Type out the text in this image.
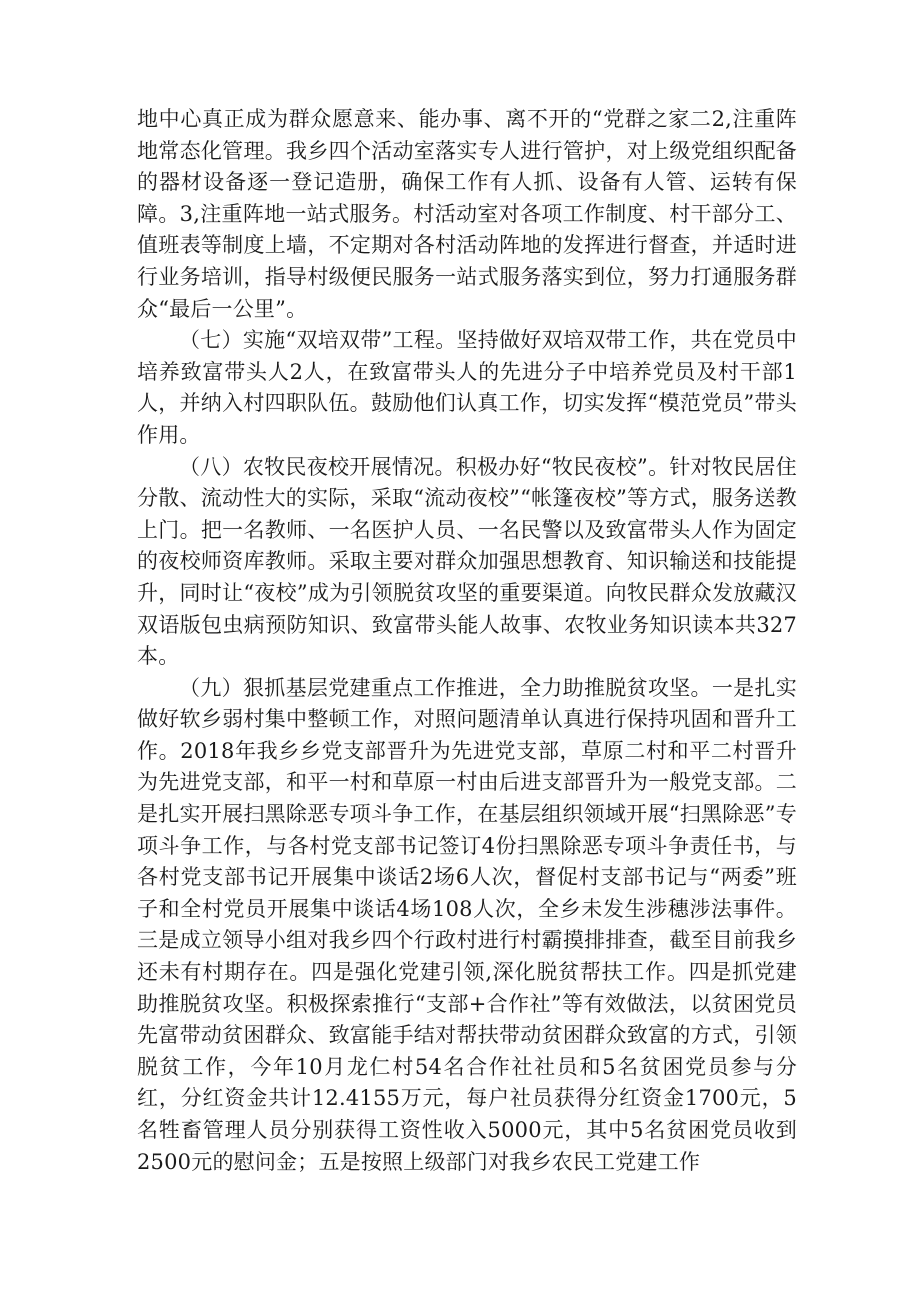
地中心真正成为群众愿意来、能办事、离不开的“党群之家二2,注重阵地常态化管理。我乡四个活动室落实专人进行管护，对上级党组织配备的器材设备逐一登记造册，确保工作有人抓、设备有人管、运转有保障。3,注重阵地一站式服务。村活动室对各项工作制度、村干部分工、值班表等制度上墙，不定期对各村活动阵地的发挥进行督查，并适时进行业务培训，指导村级便民服务一站式服务落实到位，努力打通服务群众“最后一公里”。

（七）实施“双培双带”工程。坚持做好双培双带工作，共在党员中培养致富带头人2人，在致富带头人的先进分子中培养党员及村干部1人，并纳入村四职队伍。鼓励他们认真工作，切实发挥“模范党员”带头作用。

（八）农牧民夜校开展情况。积极办好“牧民夜校”。针对牧民居住分散、流动性大的实际，采取“流动夜校”“帐篷夜校”等方式，服务送教上门。把一名教师、一名医护人员、一名民警以及致富带头人作为固定的夜校师资库教师。采取主要对群众加强思想教育、知识输送和技能提升，同时让“夜校”成为引领脱贫攻坚的重要渠道。向牧民群众发放藏汉双语版包虫病预防知识、致富带头能人故事、农牧业务知识读本共327本。

（九）狠抓基层党建重点工作推进，全力助推脱贫攻坚。一是扎实做好软乡弱村集中整顿工作，对照问题清单认真进行保持巩固和晋升工作。2018年我乡乡党支部晋升为先进党支部，草原二村和平二村晋升为先进党支部，和平一村和草原一村由后进支部晋升为一般党支部。二是扎实开展扫黑除恶专项斗争工作，在基层组织领域开展“扫黑除恶”专项斗争工作，与各村党支部书记签订4份扫黑除恶专项斗争责任书，与各村党支部书记开展集中谈话2场6人次，督促村支部书记与“两委”班子和全村党员开展集中谈话4场108人次，全乡未发生涉穗涉法事件。三是成立领导小组对我乡四个行政村进行村霸摸排排查，截至目前我乡还未有村期存在。四是强化党建引领,深化脱贫帮扶工作。四是抓党建助推脱贫攻坚。积极探索推行“支部+合作社”等有效做法，以贫困党员先富带动贫困群众、致富能手结对帮扶带动贫困群众致富的方式，引领脱贫工作，今年10月龙仁村54名合作社社员和5名贫困党员参与分红，分红资金共计12.4155万元，每户社员获得分红资金1700元，5名牲畜管理人员分别获得工资性收入5000元，其中5名贫困党员收到2500元的慰问金；五是按照上级部门对我乡农民工党建工作
